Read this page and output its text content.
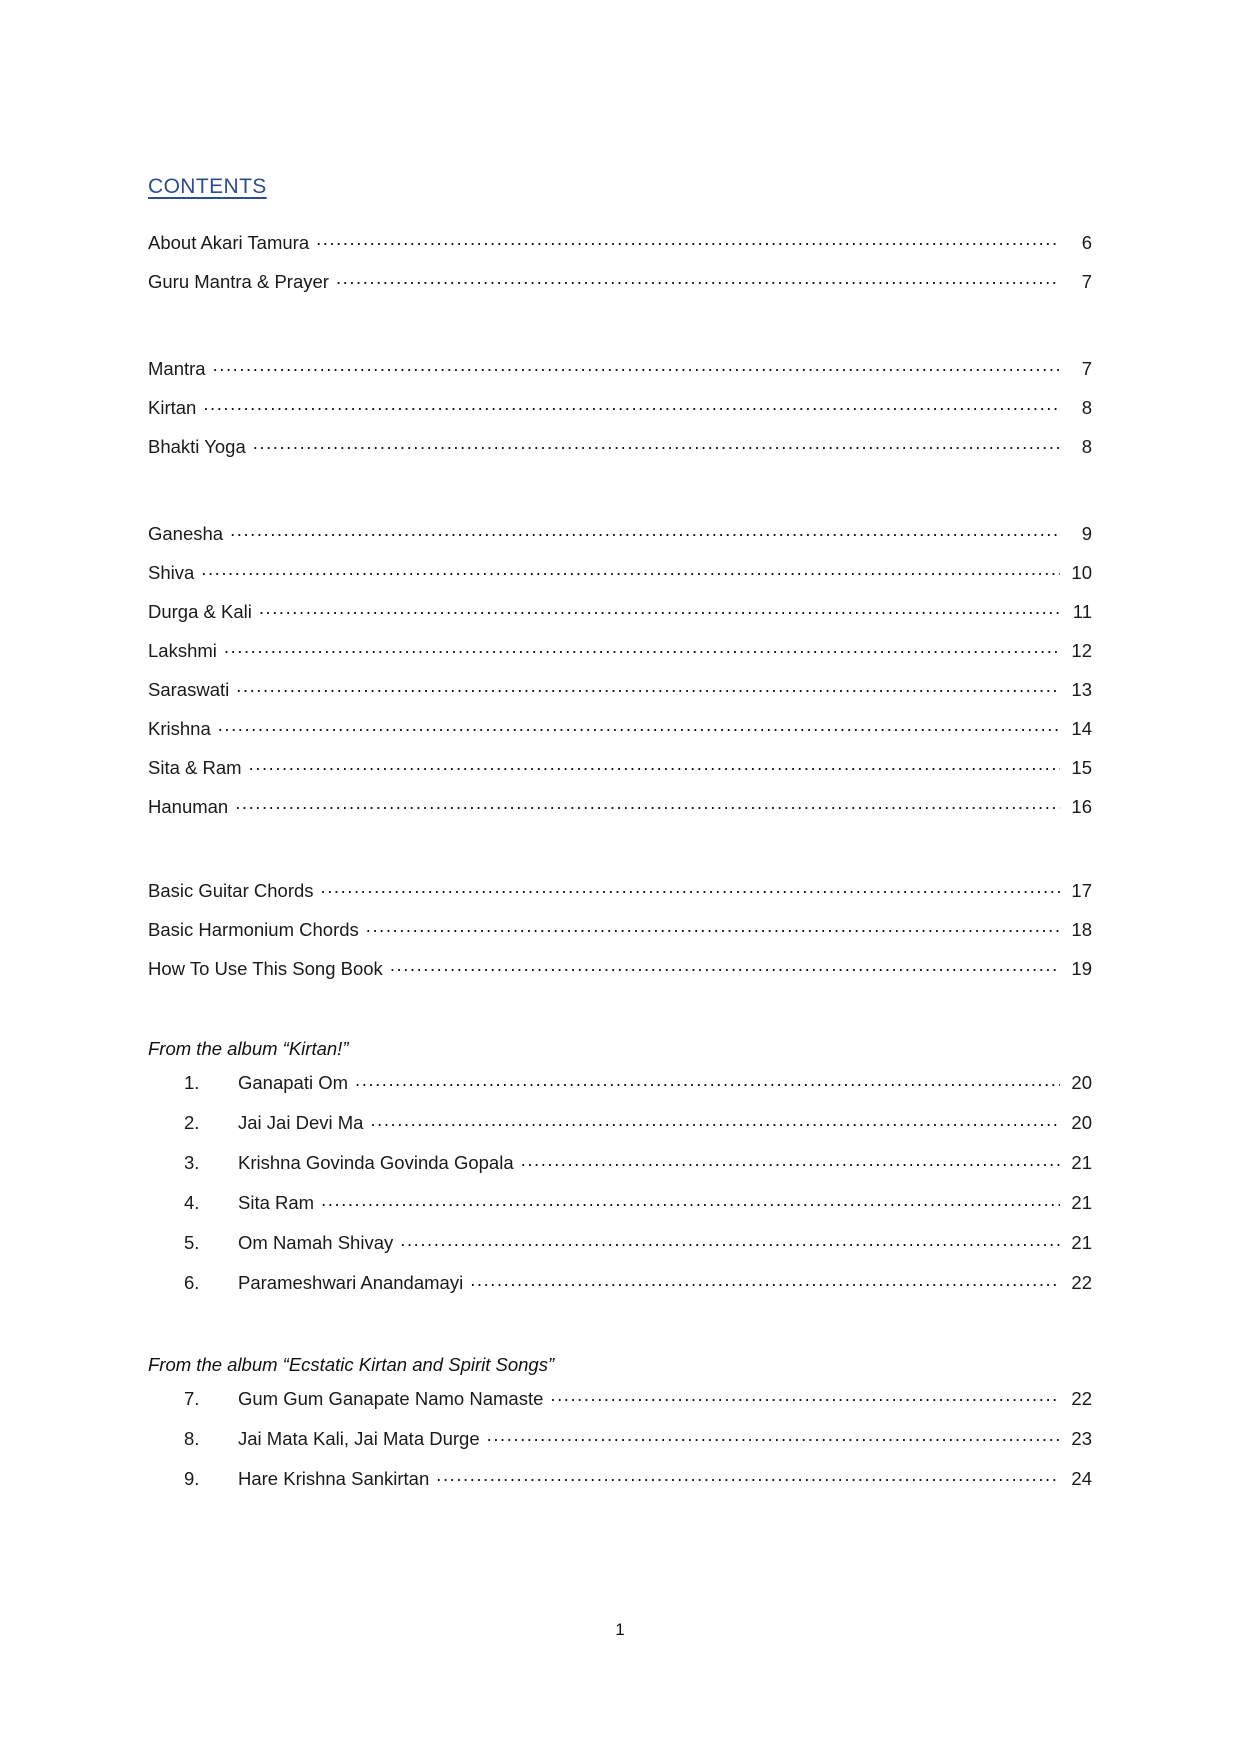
CONTENTS
About Akari Tamura .....	6
Guru Mantra & Prayer .....	7
Mantra .....	7
Kirtan .....	8
Bhakti Yoga .....	8
Ganesha .....	9
Shiva .....	10
Durga & Kali .....	11
Lakshmi .....	12
Saraswati .....	13
Krishna .....	14
Sita & Ram .....	15
Hanuman .....	16
Basic Guitar Chords .....	17
Basic Harmonium Chords .....	18
How To Use This Song Book .....	19
From the album “Kirtan!”
1.	Ganapati Om .....	20
2.	Jai Jai Devi Ma .....	20
3.	Krishna Govinda Govinda Gopala .....	21
4.	Sita Ram .....	21
5.	Om Namah Shivay .....	21
6.	Parameshwari Anandamayi .....	22
From the album “Ecstatic Kirtan and Spirit Songs”
7.	Gum Gum Ganapate Namo Namaste .....	22
8.	Jai Mata Kali, Jai Mata Durge .....	23
9.	Hare Krishna Sankirtan .....	24
1
